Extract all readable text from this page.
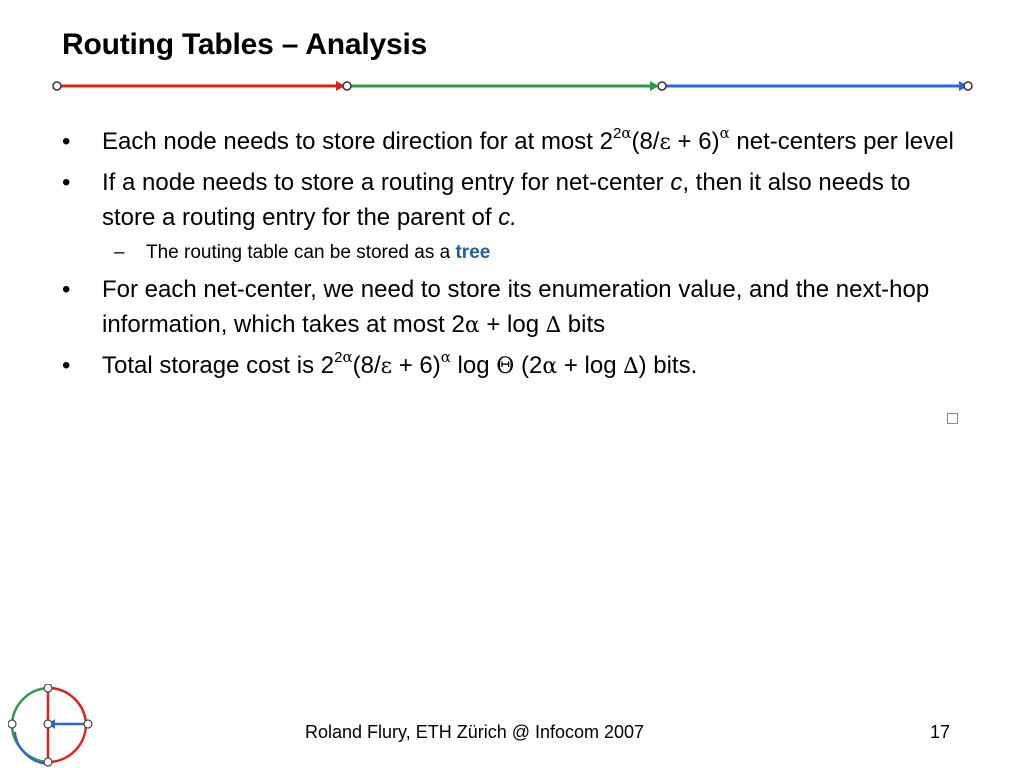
Routing Tables – Analysis
• Each node needs to store direction for at most $2^{2\alpha}(8/\varepsilon + 6)^\alpha$ net-centers per level
• If a node needs to store a routing entry for net-center c, then it also needs to store a routing entry for the parent of c.
– The routing table can be stored as a tree
• For each net-center, we need to store its enumeration value, and the next-hop information, which takes at most 2α + log ∆ bits
• Total storage cost is $2^{2\alpha}(8/\varepsilon + 6)^\alpha$ log Θ (2α + log ∆) bits.
Roland Flury, ETH Zürich @ Infocom 2007	17
